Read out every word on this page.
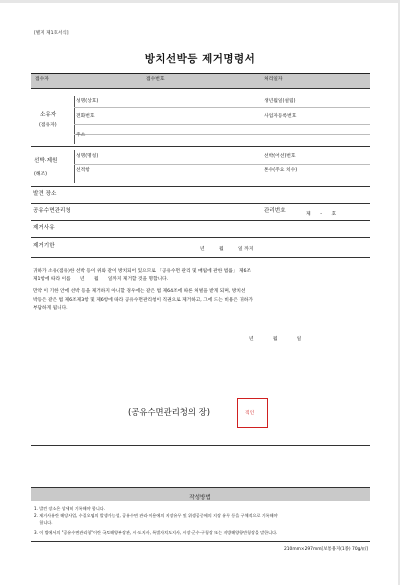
[별지 제1호서식]
방치선박등 제거명령서
접수자	접수번호	처리일자
소유자
(점유자)
성명(상호)	생년월일(설립)
전화번호	사업자등록번호
주소
선박·제원
(해조)
성명(명칭)	선박(어선)번호
선적항	톤수(주요 치수)
발견 장소
공유수면관리청	관리번호
제　　-　　호
제거사유
제거기한
년　　　월　　　일 까지
귀하가 소유(점유)한 선박 등이 위와 같이 방치되어 있으므로 「공유수면 관리 및 매립에 관한 법률」 제6조
제1항에 따라 이를　　년　　월　　일까지 제거할 것을 명합니다.
만약 이 기한 안에 선박 등을 제거하지 아니할 경우에는 같은 법 제64조에 따른 처벌을 받게 되며, 방치선
박등은 같은 법 제6조제3항 및 제6항에 따라 공유수면관리청이 직권으로 제거하고, 그에 드는 비용은 귀하가
부담하게 됩니다.
년　　　　월　　　　일
(공유수면관리청의 장)	직인
작성방법
1. 발견 장소은 상세히 기록해야 합니다.
2. 제거사유란 해당사업, 수질오염의 발생가능성, 공유수면 관리·이용에의 지장유무 및 위생공중에의 지장 유무 등을 구체적으로 기록해야
　 합니다.
3. 이 법에서의 "공유수면관리청"이란 국토해양부장관, 시·도지사, 특별자치도지사, 시장·군수·구청장 또는 지방해양항만청장을 말한니다.
210mm×297mm[보통용지(1종) 70g/㎡]
